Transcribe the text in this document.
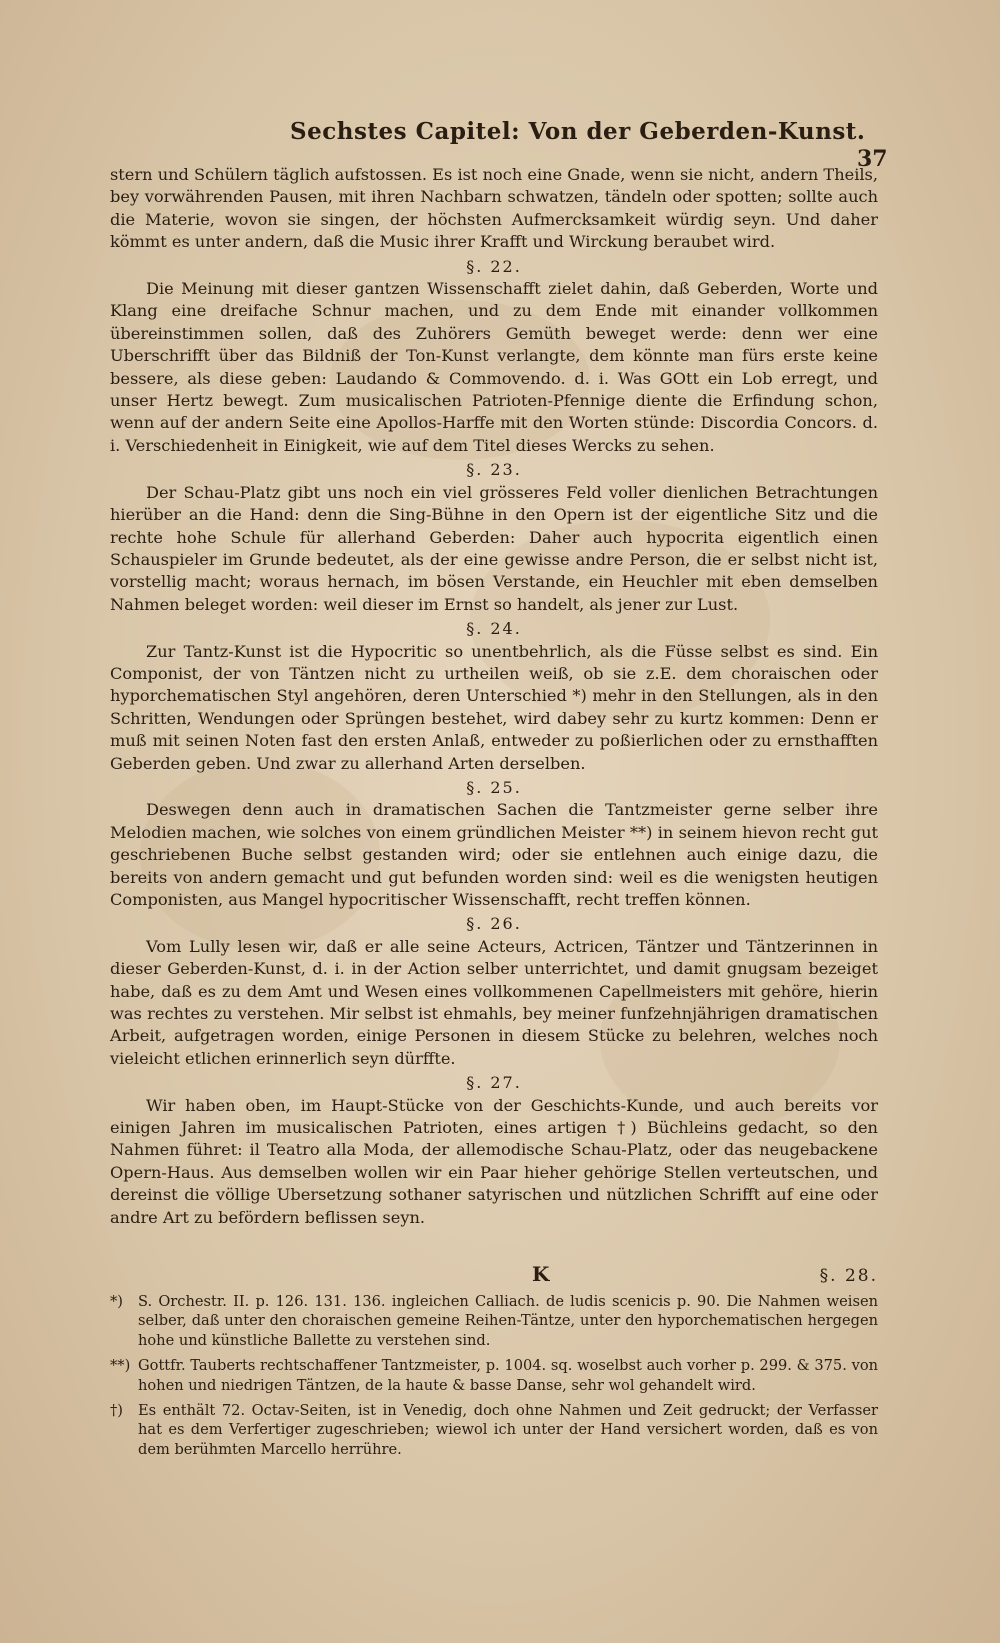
Sechstes Capitel: Von der Geberden-Kunst.
37

stern und Schülern täglich aufstossen. Es ist noch eine Gnade, wenn sie nicht, andern Theils, bey vorwährenden Pausen, mit ihren Nachbarn schwatzen, tändeln oder spotten; sollte auch die Materie, wovon sie singen, der höchsten Aufmercksamkeit würdig seyn. Und daher kömmt es unter andern, daß die Music ihrer Krafft und Wirckung beraubet wird.

§. 22.

Die Meinung mit dieser gantzen Wissenschafft zielet dahin, daß Geberden, Worte und Klang eine dreifache Schnur machen, und zu dem Ende mit einander vollkommen übereinstimmen sollen, daß des Zuhörers Gemüth beweget werde: denn wer eine Uberschrifft über das Bildniß der Ton-Kunst verlangte, dem könnte man fürs erste keine bessere, als diese geben: Laudando & Commovendo. d. i. Was GOtt ein Lob erregt, und unser Hertz bewegt. Zum musicalischen Patrioten-Pfennige diente die Erfindung schon, wenn auf der andern Seite eine Apollos-Harffe mit den Worten stünde: Discordia Concors. d. i. Verschiedenheit in Einigkeit, wie auf dem Titel dieses Wercks zu sehen.

§. 23.

Der Schau-Platz gibt uns noch ein viel grösseres Feld voller dienlichen Betrachtungen hierüber an die Hand: denn die Sing-Bühne in den Opern ist der eigentliche Sitz und die rechte hohe Schule für allerhand Geberden: Daher auch hypocrita eigentlich einen Schauspieler im Grunde bedeutet, als der eine gewisse andre Person, die er selbst nicht ist, vorstellig macht; woraus hernach, im bösen Verstande, ein Heuchler mit eben demselben Nahmen beleget worden: weil dieser im Ernst so handelt, als jener zur Lust.

§. 24.

Zur Tantz-Kunst ist die Hypocritic so unentbehrlich, als die Füsse selbst es sind. Ein Componist, der von Täntzen nicht zu urtheilen weiß, ob sie z.E. dem choraischen oder hyporchematischen Styl angehören, deren Unterschied *) mehr in den Stellungen, als in den Schritten, Wendungen oder Sprüngen bestehet, wird dabey sehr zu kurtz kommen: Denn er muß mit seinen Noten fast den ersten Anlaß, entweder zu poßierlichen oder zu ernsthafften Geberden geben. Und zwar zu allerhand Arten derselben.

§. 25.

Deswegen denn auch in dramatischen Sachen die Tantzmeister gerne selber ihre Melodien machen, wie solches von einem gründlichen Meister **) in seinem hievon recht gut geschriebenen Buche selbst gestanden wird; oder sie entlehnen auch einige dazu, die bereits von andern gemacht und gut befunden worden sind: weil es die wenigsten heutigen Componisten, aus Mangel hypocritischer Wissenschafft, recht treffen können.

§. 26.

Vom Lully lesen wir, daß er alle seine Acteurs, Actricen, Täntzer und Täntzerinnen in dieser Geberden-Kunst, d. i. in der Action selber unterrichtet, und damit gnugsam bezeiget habe, daß es zu dem Amt und Wesen eines vollkommenen Capellmeisters mit gehöre, hierin was rechtes zu verstehen. Mir selbst ist ehmahls, bey meiner funfzehnjährigen dramatischen Arbeit, aufgetragen worden, einige Personen in diesem Stücke zu belehren, welches noch vieleicht etlichen erinnerlich seyn dürffte.

§. 27.

Wir haben oben, im Haupt-Stücke von der Geschichts-Kunde, und auch bereits vor einigen Jahren im musicalischen Patrioten, eines artigen †) Büchleins gedacht, so den Nahmen führet: il Teatro alla Moda, der allemodische Schau-Platz, oder das neugebackene Opern-Haus. Aus demselben wollen wir ein Paar hieher gehörige Stellen verteutschen, und dereinst die völlige Ubersetzung sothaner satyrischen und nützlichen Schrifft auf eine oder andre Art zu befördern beflissen seyn.

K	§. 28.
*)	S. Orchestr. II. p. 126. 131. 136. ingleichen Calliach. de ludis scenicis p. 90. Die Nahmen weisen selber, daß unter den choraischen gemeine Reihen-Täntze, unter den hyporchematischen hergegen hohe und künstliche Ballette zu verstehen sind.
**) Gottfr. Tauberts rechtschaffener Tantzmeister, p. 1004. sq. woselbst auch vorher p. 299. & 375. von hohen und niedrigen Täntzen, de la haute & basse Danse, sehr wol gehandelt wird.
†)	Es enthält 72. Octav-Seiten, ist in Venedig, doch ohne Nahmen und Zeit gedruckt; der Verfasser hat es dem Verfertiger zugeschrieben; wiewol ich unter der Hand versichert worden, daß es von dem berühmten Marcello herrühre.
